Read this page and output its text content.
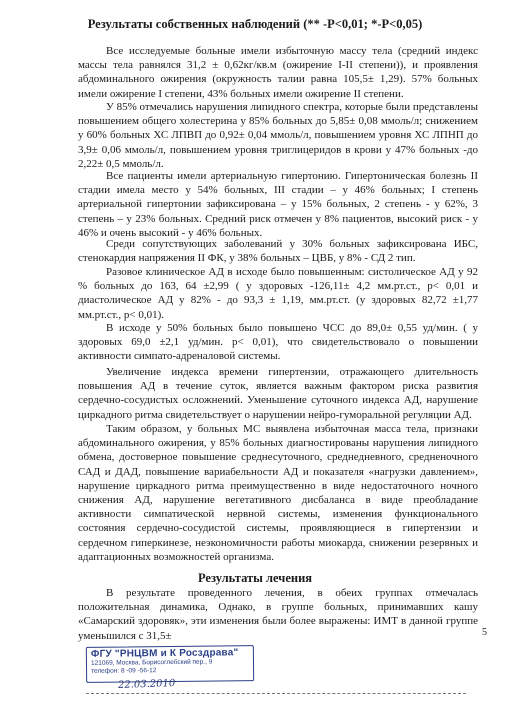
Результаты собственных наблюдений (** -Р<0,01; *-Р<0,05)

Все исследуемые больные имели избыточную массу тела (средний индекс массы тела равнялся 31,2 ± 0,62кг/кв.м (ожирение I-II степени)), и проявления абдоминального ожирения (окружность талии равна 105,5± 1,29). 57% больных имели ожирение I степени, 43% больных имели ожирение II степени.

У 85% отмечались нарушения липидного спектра, которые были представлены повышением общего холестерина у 85% больных до 5,85± 0,08 ммоль/л; снижением у 60% больных ХС ЛПВП до 0,92± 0,04 ммоль/л, повышением уровня ХС ЛПНП до 3,9± 0,06 ммоль/л, повышением уровня триглицеридов в крови у 47% больных -до 2,22± 0,5 ммоль/л.

Все пациенты имели артериальную гипертонию. Гипертоническая болезнь II стадии имела место у 54% больных, III стадии – у 46% больных; I степень артериальной гипертонии зафиксирована – у 15% больных, 2 степень - у 62%, 3 степень – у 23% больных. Средний риск отмечен у 8% пациентов, высокий риск - у 46% и очень высокий - у 46% больных.

Среди сопутствующих заболеваний у 30% больных зафиксирована ИБС, стенокардия напряжения II ФК, у 38% больных – ЦВБ, у 8% - СД 2 тип.

Разовое клиническое АД в исходе было повышенным: систолическое АД у 92 % больных до 163, 64 ±2,99 ( у здоровых -126,11± 4,2 мм.рт.ст., р< 0,01 и диастолическое АД у 82% - до 93,3 ± 1,19, мм.рт.ст. (у здоровых 82,72 ±1,77 мм.рт.ст., р< 0,01).

В исходе у 50% больных было повышено ЧСС до 89,0± 0,55 уд/мин. ( у здоровых 69,0 ±2,1 уд/мин. р< 0,01), что свидетельствовало о повышении активности симпато-адреналовой системы.

Увеличение индекса времени гипертензии, отражающего длительность повышения АД в течение суток, является важным фактором риска развития сердечно-сосудистых осложнений. Уменьшение суточного индекса АД, нарушение циркадного ритма свидетельствует о нарушении нейро-гуморальной регуляции АД.

Таким образом, у больных МС выявлена избыточная масса тела, признаки абдоминального ожирения, у 85% больных диагностированы нарушения липидного обмена, достоверное повышение среднесуточного, среднедневного, средненочного САД и ДАД, повышение вариабельности АД и показателя «нагрузки давлением», нарушение циркадного ритма преимущественно в виде недостаточного ночного снижения АД, нарушение вегетативного дисбаланса в виде преобладание активности симпатической нервной системы, изменения функционального состояния сердечно-сосудистой системы, проявляющиеся в гипертензии и сердечном гиперкинезе, неэкономичности работы миокарда, снижении резервных и адаптационных возможностей организма.

Результаты лечения

В результате проведенного лечения, в обеих группах отмечалась положительная динамика, Однако, в группе больных, принимавших кашу «Самарский здоровяк», эти изменения были более выражены: ИМТ в данной группе уменьшился с 31,5±	5
ФГУ "РНЦВМ и К Росздрава"
121069, Москва, Борисоглебский пер., 9
телефон: 8 -09 -56-12
22.03.2010
